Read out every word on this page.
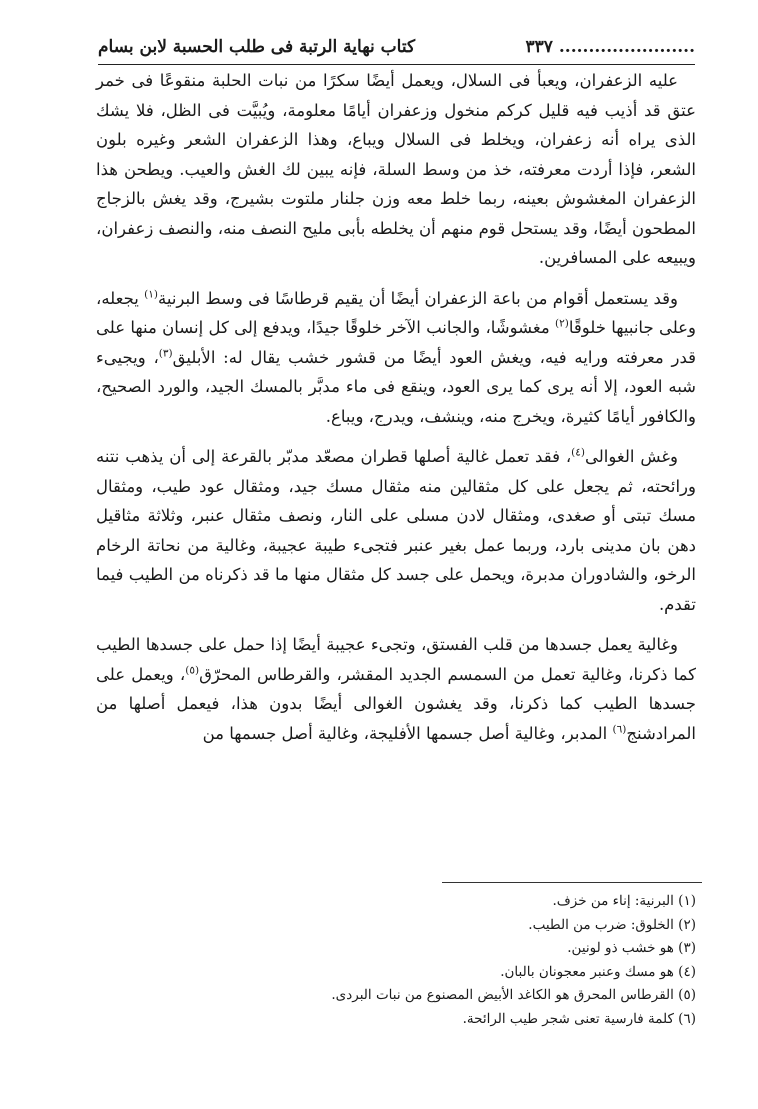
كتاب نهاية الرتبة فى طلب الحسبة لابن بسام	٣٣٧ .......................

عليه الزعفران، ويعبأ فى السلال، ويعمل أيضًا سكرًا من نبات الحلبة منقوعًا فى خمر عتق قد أذيب فيه قليل كركم منخول وزعفران أيامًا معلومة، ويُبيَّت فى الظل، فلا يشك الذى يراه أنه زعفران، ويخلط فى السلال ويباع، وهذا الزعفران الشعر وغيره بلون الشعر، فإذا أردت معرفته، خذ من وسط السلة، فإنه يبين لك الغش والعيب. ويطحن هذا الزعفران المغشوش بعينه، ربما خلط معه وزن جلنار ملتوت بشيرج، وقد يغش بالزجاج المطحون أيضًا، وقد يستحل قوم منهم أن يخلطه بأبى مليح النصف منه، والنصف زعفران، ويبيعه على المسافرين.

وقد يستعمل أقوام من باعة الزعفران أيضًا أن يقيم قرطاسًا فى وسط البرنية$^{(١)}$ يجعله، وعلى جانبيها خلوقًا$^{(٢)}$ مغشوشًا، والجانب الآخر خلوقًا جيدًا، ويدفع إلى كل إنسان منها على قدر معرفته ورايه فيه، ويغش العود أيضًا من قشور خشب يقال له: الأبليق$^{(٣)}$، ويجيىء شبه العود، إلا أنه يرى كما يرى العود، وينقع فى ماء مدبَّر بالمسك الجيد، والورد الصحيح، والكافور أيامًا كثيرة، ويخرج منه، وينشف، ويدرج، ويباع.

وغش الغوالى$^{(٤)}$، فقد تعمل غالية أصلها قطران مصعّد مدبّر بالقرعة إلى أن يذهب نتنه ورائحته، ثم يجعل على كل مثقالين منه مثقال مسك جيد، ومثقال عود طيب، ومثقال مسك تبتى أو صغدى، ومثقال لادن مسلى على النار، ونصف مثقال عنبر، وثلاثة مثاقيل دهن بان مدينى بارد، وربما عمل بغير عنبر فتجىء طيبة عجيبة، وغالية من نحاتة الرخام الرخو، والشادوران مدبرة، ويحمل على جسد كل مثقال منها ما قد ذكرناه من الطيب فيما تقدم.

وغالية يعمل جسدها من قلب الفستق، وتجىء عجيبة أيضًا إذا حمل على جسدها الطيب كما ذكرنا، وغالية تعمل من السمسم الجديد المقشر، والقرطاس المحرّق$^{(٥)}$، ويعمل على جسدها الطيب كما ذكرنا، وقد يغشون الغوالى أيضًا بدون هذا، فيعمل أصلها من المرادشنج$^{(٦)}$ المدبر، وغالية أصل جسمها الأفليجة، وغالية أصل جسمها من

(١) البرنية: إناء من خزف.
(٢) الخلوق: ضرب من الطيب.
(٣) هو خشب ذو لونين.
(٤) هو مسك وعنبر معجونان بالبان.
(٥) القرطاس المحرق هو الكاغد الأبيض المصنوع من نبات البردى.
(٦) كلمة فارسية تعنى شجر طيب الرائحة.
